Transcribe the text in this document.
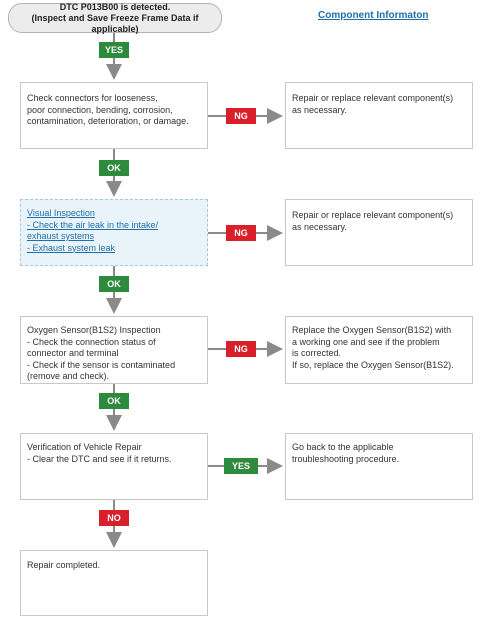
DTC P013B00 is detected.
(Inspect and Save Freeze Frame Data if applicable)
Component Informaton
YES
Check connectors for looseness,
poor connection, bending, corrosion,
contamination, deterioration, or damage.	NG
Repair or replace relevant component(s)
as necessary.
OK
Visual Inspection
- Check the air leak in the intake/
exhaust systems
- Exhaust system leak
NG
Repair or replace relevant component(s)
as necessary.
OK
Oxygen Sensor(B1S2) Inspection
- Check the connection status of
connector and terminal
- Check if the sensor is contaminated
(remove and check).
NG
Replace the Oxygen Sensor(B1S2) with
a working one and see if the problem
is corrected.
If so, replace the Oxygen Sensor(B1S2).
OK
Verification of Vehicle Repair
- Clear the DTC and see if it returns.
YES
Go back to the applicable
troubleshooting procedure.
NO
Repair completed.
